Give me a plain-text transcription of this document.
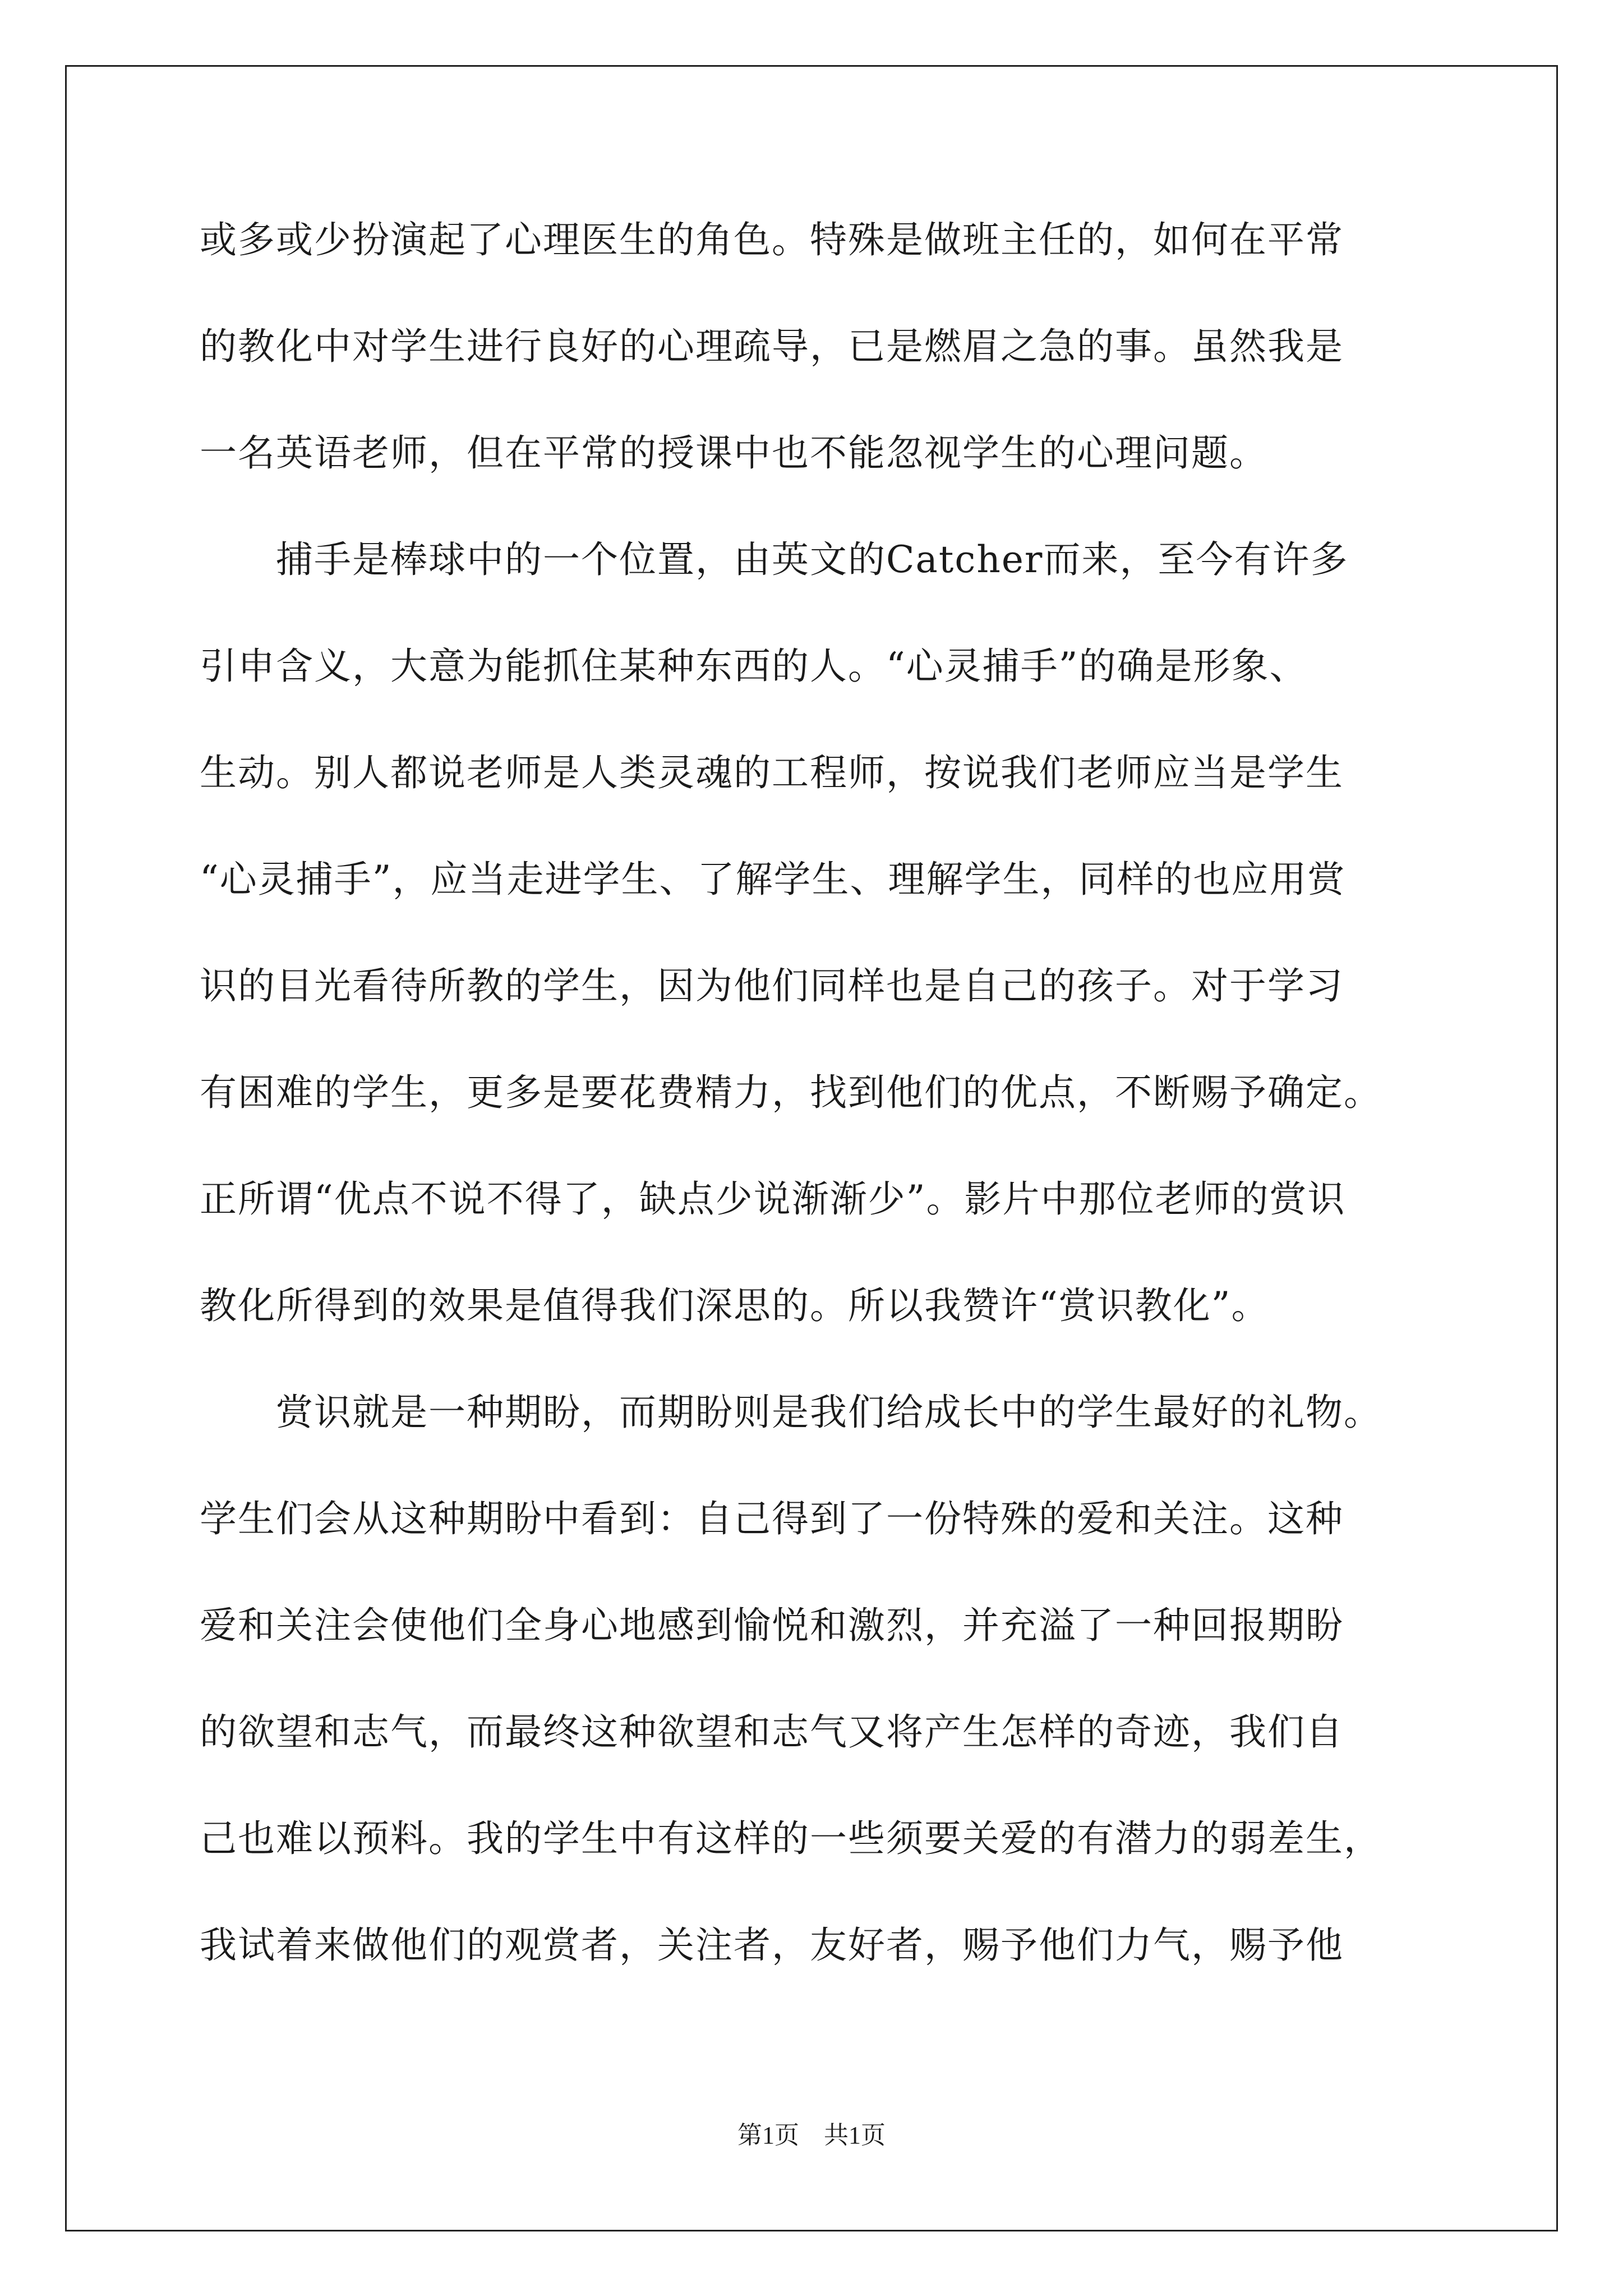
或多或少扮演起了心理医生的角色。特殊是做班主任的，如何在平常
的教化中对学生进行良好的心理疏导，已是燃眉之急的事。虽然我是
一名英语老师，但在平常的授课中也不能忽视学生的心理问题。
　　捕手是棒球中的一个位置，由英文的Catcher而来，至今有许多
引申含义，大意为能抓住某种东西的人。“心灵捕手”的确是形象、
生动。别人都说老师是人类灵魂的工程师，按说我们老师应当是学生
“心灵捕手”，应当走进学生、了解学生、理解学生，同样的也应用赏
识的目光看待所教的学生，因为他们同样也是自己的孩子。对于学习
有困难的学生，更多是要花费精力，找到他们的优点，不断赐予确定。
正所谓“优点不说不得了，缺点少说渐渐少”。影片中那位老师的赏识
教化所得到的效果是值得我们深思的。所以我赞许“赏识教化”。
　　赏识就是一种期盼，而期盼则是我们给成长中的学生最好的礼物。
学生们会从这种期盼中看到：自己得到了一份特殊的爱和关注。这种
爱和关注会使他们全身心地感到愉悦和激烈，并充溢了一种回报期盼
的欲望和志气，而最终这种欲望和志气又将产生怎样的奇迹，我们自
己也难以预料。我的学生中有这样的一些须要关爱的有潜力的弱差生，
我试着来做他们的观赏者，关注者，友好者，赐予他们力气，赐予他
第1页　共1页
